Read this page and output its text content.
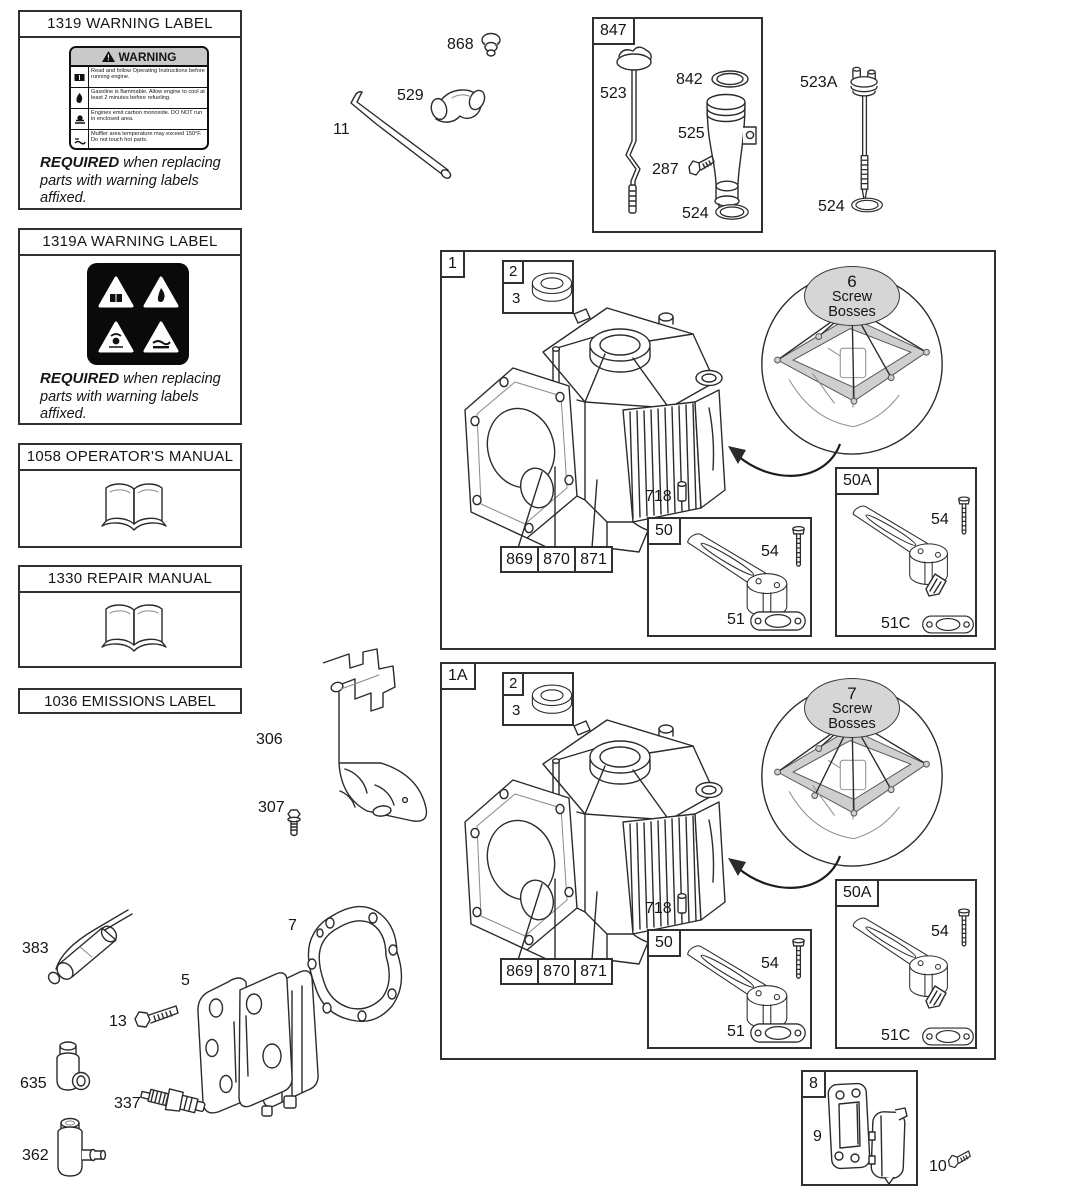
1319 WARNING LABEL
! WARNING
Read and follow Operating Instructions before running engine.
Gasoline is flammable. Allow engine to cool at least 2 minutes before refueling.
Engines emit carbon monoxide. DO NOT run in enclosed area.
Muffler area temperature may exceed 150°F. Do not touch hot parts.
REQUIRED when replacing parts with warning labels affixed.
1319A WARNING LABEL
REQUIRED when replacing parts with warning labels affixed.
1058 OPERATOR'S MANUAL
1330 REPAIR MANUAL
1036 EMISSIONS LABEL
868
529
11
847
523
842
525
287
524
523A
524
1	2
3
6
Screw
Bosses
718
869 870 871
50
54
51
50A
54
51C
1A	2
3
7
Screw
Bosses
718
869 870 871
50
54
51
50A
54
51C
306
307
383
13
5
7
635
337
362
8
9
10
